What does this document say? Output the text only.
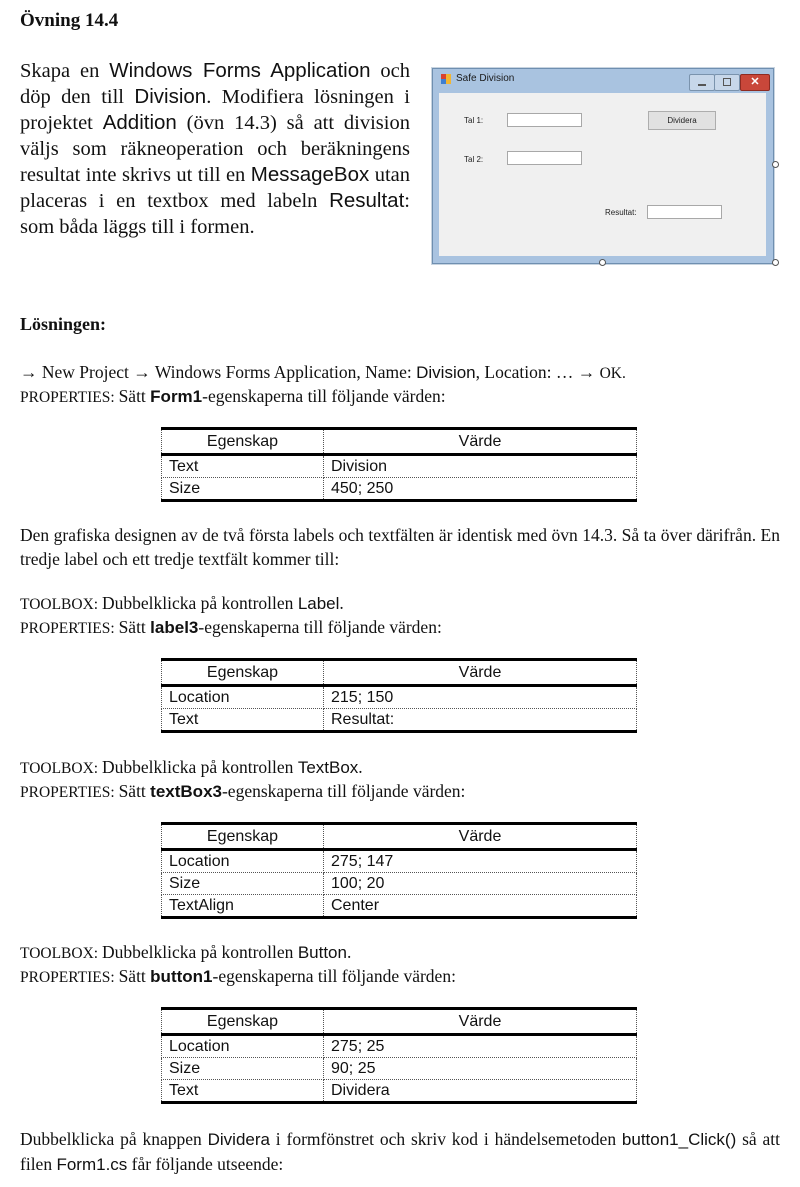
Övning 14.4
Skapa en Windows Forms Application och döp den till Division. Modifiera lösningen i projektet Addition (övn 14.3) så att division väljs som räkneoperation och beräkningens resultat inte skrivs ut till en MessageBox utan placeras i en textbox med labeln Resultat: som båda läggs till i formen.
Safe Division	✕
Tal 1:
Tal 2:
Dividera
Resultat:
Lösningen:
→ New Project → Windows Forms Application, Name: Division, Location: … → OK.
PROPERTIES: Sätt Form1-egenskaperna till följande värden:
Egenskap	Värde
Text	Division
Size	450; 250
Den grafiska designen av de två första labels och textfälten är identisk med övn 14.3. Så ta över därifrån. En tredje label och ett tredje textfält kommer till:
TOOLBOX: Dubbelklicka på kontrollen Label.
PROPERTIES: Sätt label3-egenskaperna till följande värden:
Egenskap	Värde
Location	215; 150
Text	Resultat:
TOOLBOX: Dubbelklicka på kontrollen TextBox.
PROPERTIES: Sätt textBox3-egenskaperna till följande värden:
Egenskap	Värde
Location	275; 147
Size	100; 20
TextAlign	Center
TOOLBOX: Dubbelklicka på kontrollen Button.
PROPERTIES: Sätt button1-egenskaperna till följande värden:
Egenskap	Värde
Location	275; 25
Size	90; 25
Text	Dividera
Dubbelklicka på knappen Dividera i formfönstret och skriv kod i händelsemetoden button1_Click() så att filen Form1.cs får följande utseende:
